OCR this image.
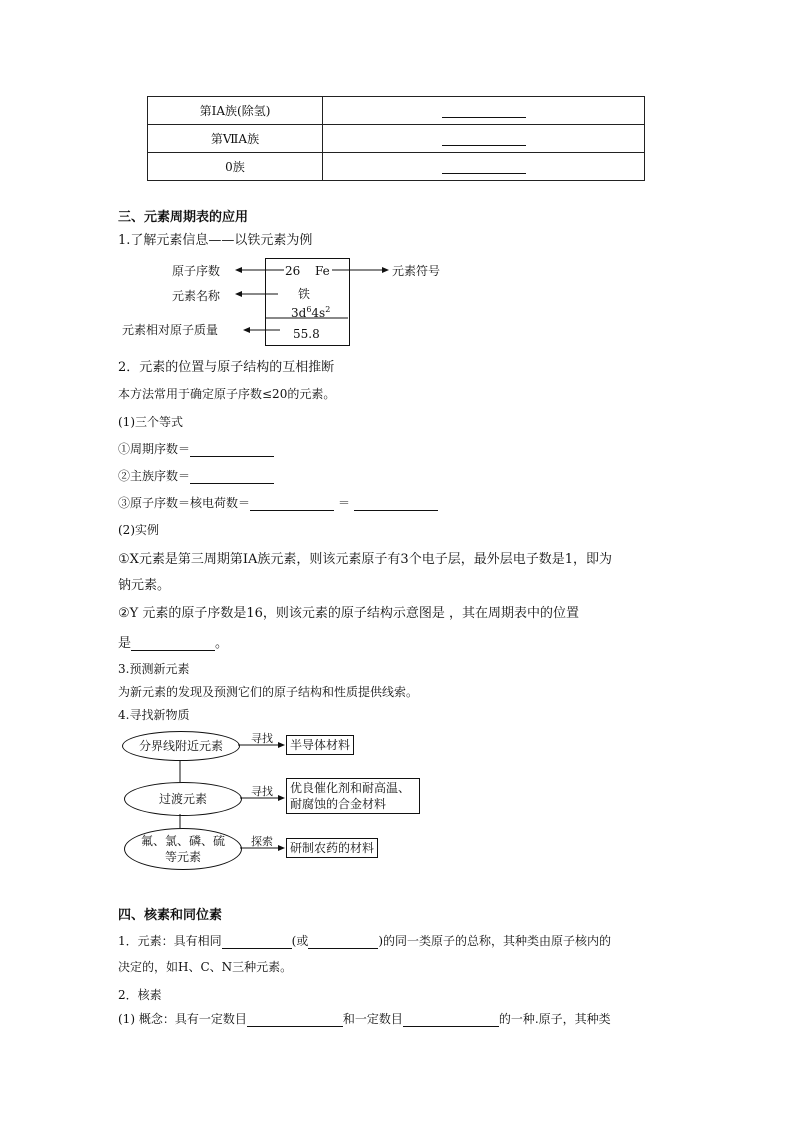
第ⅠA族(除氢)	
第ⅦA族	
0族	
三、元素周期表的应用
1.了解元素信息——以铁元素为例
原子序数
元素名称
元素相对原子质量
元素符号
26 Fe
铁
$3d^64s^2$
55.8
2．元素的位置与原子结构的互相推断
本方法常用于确定原子序数≤20的元素。
(1)三个等式
①周期序数＝
②主族序数＝
③原子序数＝核电荷数＝	＝
(2)实例
①X元素是第三周期第ⅠA族元素，则该元素原子有3个电子层，最外层电子数是1，即为
钠元素。
②Y 元素的原子序数是16，则该元素的原子结构示意图是 ，其在周期表中的位置
是	。
3.预测新元素
为新元素的发现及预测它们的原子结构和性质提供线索。
4.寻找新物质
分界线附近元素
过渡元素
氟、氯、磷、硫
等元素
寻找
寻找
探索
半导体材料
优良催化剂和耐高温、
耐腐蚀的合金材料
研制农药的材料
四、核素和同位素
1．元素：具有相同	(或	)的同一类原子的总称，其种类由原子核内的
决定的，如H、C、N三种元素。
2．核素
(1) 概念：具有一定数目	和一定数目	的一种.原子，其种类
